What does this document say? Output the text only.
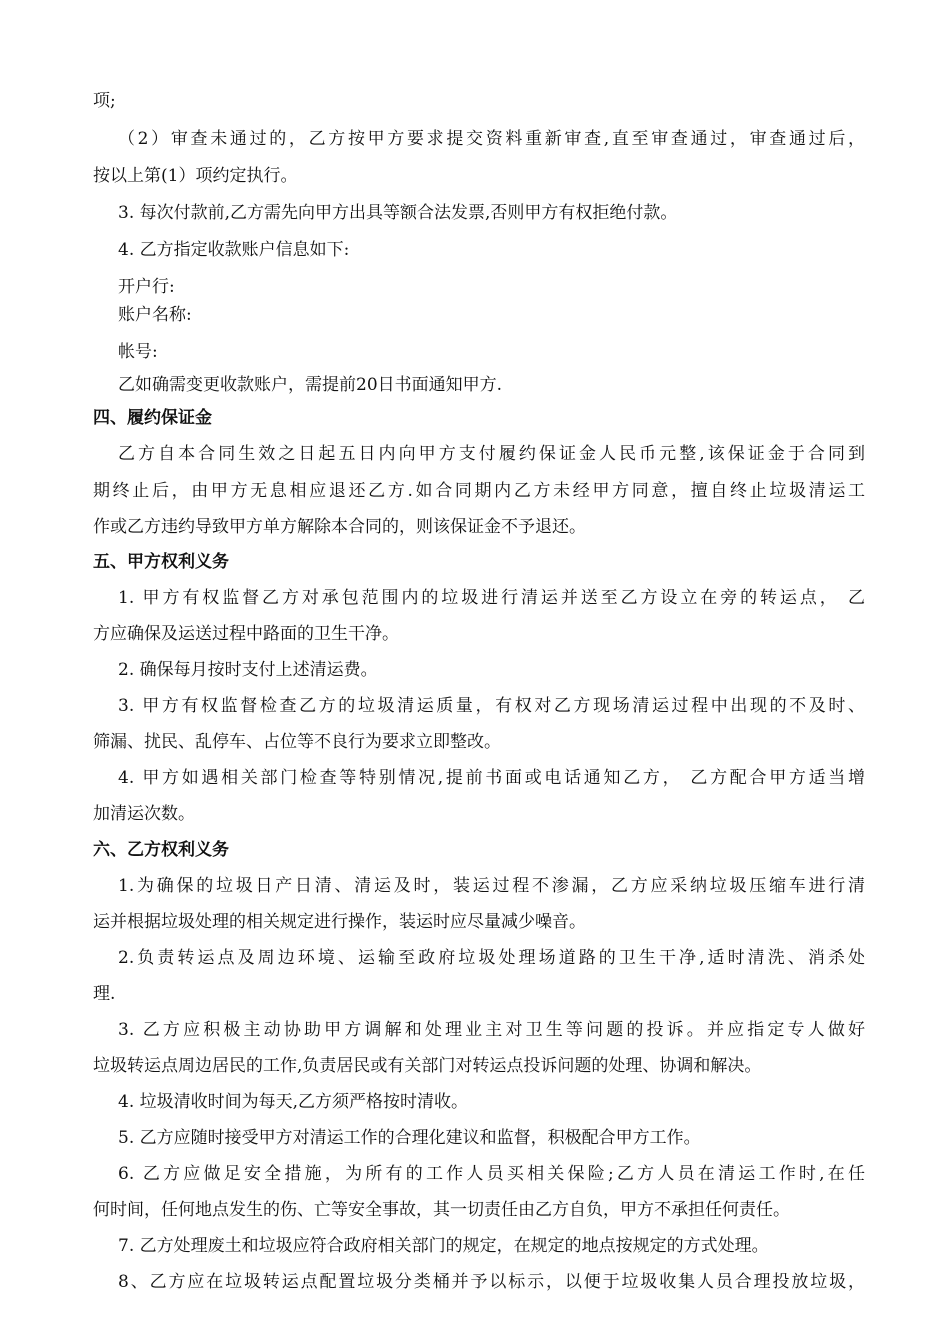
项;
（2）审查未通过的，乙方按甲方要求提交资料重新审查,直至审查通过，审查通过后，
按以上第(1）项约定执行。
3. 每次付款前,乙方需先向甲方出具等额合法发票,否则甲方有权拒绝付款。
4. 乙方指定收款账户信息如下:
开户行:
账户名称:
帐号:
乙如确需变更收款账户，需提前20日书面通知甲方.
四、履约保证金
乙方自本合同生效之日起五日内向甲方支付履约保证金人民币元整,该保证金于合同到
期终止后，由甲方无息相应退还乙方.如合同期内乙方未经甲方同意，擅自终止垃圾清运工
作或乙方违约导致甲方单方解除本合同的，则该保证金不予退还。
五、甲方权利义务
1. 甲方有权监督乙方对承包范围内的垃圾进行清运并送至乙方设立在旁的转运点， 乙
方应确保及运送过程中路面的卫生干净。
2. 确保每月按时支付上述清运费。
3. 甲方有权监督检查乙方的垃圾清运质量，有权对乙方现场清运过程中出现的不及时、
筛漏、扰民、乱停车、占位等不良行为要求立即整改。
4. 甲方如遇相关部门检查等特别情况,提前书面或电话通知乙方， 乙方配合甲方适当增
加清运次数。
六、乙方权利义务
1.为确保的垃圾日产日清、清运及时，装运过程不渗漏，乙方应采纳垃圾压缩车进行清
运并根据垃圾处理的相关规定进行操作，装运时应尽量减少噪音。
2.负责转运点及周边环境、运输至政府垃圾处理场道路的卫生干净,适时清洗、消杀处
理.
3. 乙方应积极主动协助甲方调解和处理业主对卫生等问题的投诉。并应指定专人做好
垃圾转运点周边居民的工作,负责居民或有关部门对转运点投诉问题的处理、协调和解决。
4. 垃圾清收时间为每天,乙方须严格按时清收。
5. 乙方应随时接受甲方对清运工作的合理化建议和监督，积极配合甲方工作。
6. 乙方应做足安全措施，为所有的工作人员买相关保险;乙方人员在清运工作时,在任
何时间，任何地点发生的伤、亡等安全事故，其一切责任由乙方自负，甲方不承担任何责任。
7. 乙方处理废土和垃圾应符合政府相关部门的规定，在规定的地点按规定的方式处理。
8、乙方应在垃圾转运点配置垃圾分类桶并予以标示，以便于垃圾收集人员合理投放垃圾，
